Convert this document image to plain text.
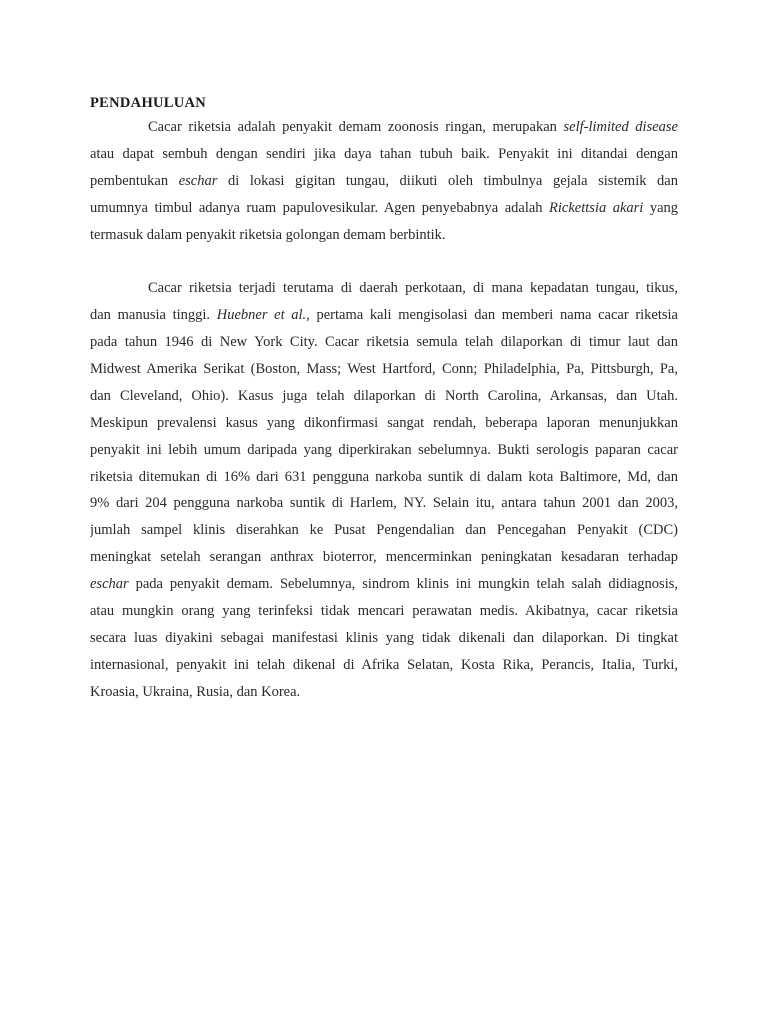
PENDAHULUAN
Cacar riketsia adalah penyakit demam zoonosis ringan, merupakan self-limited disease
atau dapat sembuh dengan sendiri jika daya tahan tubuh baik. Penyakit ini ditandai dengan
pembentukan eschar di lokasi gigitan tungau, diikuti oleh timbulnya gejala sistemik dan
umumnya timbul adanya ruam papulovesikular. Agen penyebabnya adalah Rickettsia akari yang
termasuk dalam penyakit riketsia golongan demam berbintik.
Cacar riketsia terjadi terutama di daerah perkotaan, di mana kepadatan tungau, tikus,
dan manusia tinggi. Huebner et al., pertama kali mengisolasi dan memberi nama cacar riketsia
pada tahun 1946 di New York City. Cacar riketsia semula telah dilaporkan di timur laut dan
Midwest Amerika Serikat (Boston, Mass; West Hartford, Conn; Philadelphia, Pa, Pittsburgh, Pa,
dan Cleveland, Ohio). Kasus juga telah dilaporkan di North Carolina, Arkansas, dan Utah.
Meskipun prevalensi kasus yang dikonfirmasi sangat rendah, beberapa laporan menunjukkan
penyakit ini lebih umum daripada yang diperkirakan sebelumnya. Bukti serologis paparan cacar
riketsia ditemukan di 16% dari 631 pengguna narkoba suntik di dalam kota Baltimore, Md, dan
9% dari 204 pengguna narkoba suntik di Harlem, NY. Selain itu, antara tahun 2001 dan 2003,
jumlah sampel klinis diserahkan ke Pusat Pengendalian dan Pencegahan Penyakit (CDC)
meningkat setelah serangan anthrax bioterror, mencerminkan peningkatan kesadaran terhadap
eschar pada penyakit demam. Sebelumnya, sindrom klinis ini mungkin telah salah didiagnosis,
atau mungkin orang yang terinfeksi tidak mencari perawatan medis. Akibatnya, cacar riketsia
secara luas diyakini sebagai manifestasi klinis yang tidak dikenali dan dilaporkan. Di tingkat
internasional, penyakit ini telah dikenal di Afrika Selatan, Kosta Rika, Perancis, Italia, Turki,
Kroasia, Ukraina, Rusia, dan Korea.
